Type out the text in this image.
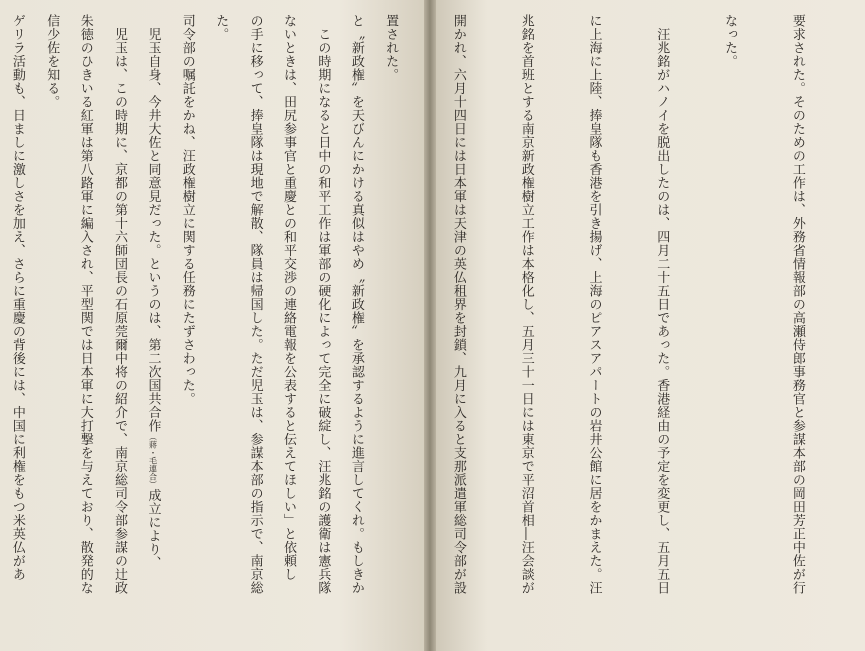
と〝新政権〟を天びんにかける真似はやめ〝新政権〟を承認するように進言してくれ。もしきか

ないときは、田尻参事官と重慶との和平交渉の連絡電報を公表すると伝えてほしい」と依頼し

た。

　児玉自身、今井大佐と同意見だった。というのは、第二次国共合作（蔣・毛連合）成立により、

朱徳のひきいる紅軍は第八路軍に編入され、平型関では日本軍に大打撃を与えており、散発的な

ゲリラ活動も、日ましに激しさを加え、さらに重慶の背後には、中国に利権をもつ米英仏があ

	要求された。そのための工作は、外務省情報部の高瀬侍郎事務官と参謀本部の岡田芳正中佐が行

なった。

　汪兆銘がハノイを脱出したのは、四月二十五日であった。香港経由の予定を変更し、五月五日

に上海に上陸、捧皇隊も香港を引き揚げ、上海のピアスアパートの岩井公館に居をかまえた。汪

兆銘を首班とする南京新政権樹立工作は本格化し、五月三十一日には東京で平沼首相―汪会談が

開かれ、六月十四日には日本軍は天津の英仏租界を封鎖、九月に入ると支那派遣軍総司令部が設

置された。

　この時期になると日中の和平工作は軍部の硬化によって完全に破綻し、汪兆銘の護衛は憲兵隊

の手に移って、捧皇隊は現地で解散、隊員は帰国した。ただ児玉は、参謀本部の指示で、南京総

司令部の嘱託をかね、汪政権樹立に関する任務にたずさわった。

　児玉は、この時期に、京都の第十六師団長の石原莞爾中将の紹介で、南京総司令部参謀の辻政

信少佐を知る。
